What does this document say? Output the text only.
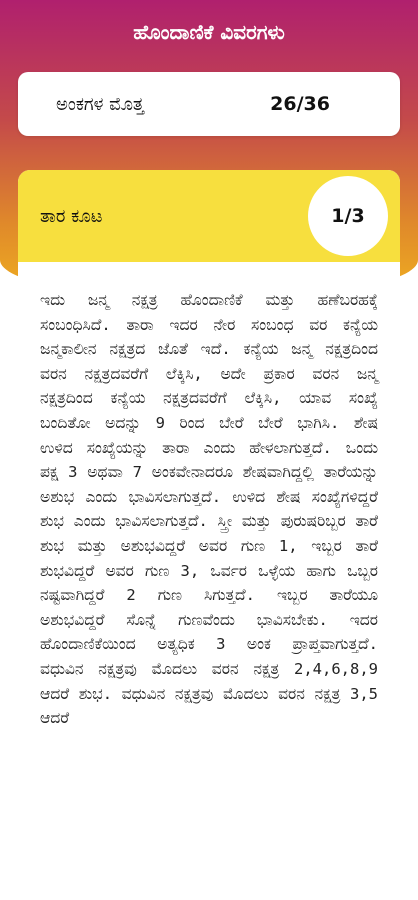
ಹೊಂದಾಣಿಕೆ ವಿವರಗಳು
ಅಂಕಗಳ ಮೊತ್ತ	26/36
ತಾರ ಕೂಟ	1/3
ಇದು ಜನ್ಮ ನಕ್ಷತ್ರ ಹೊಂದಾಣಿಕೆ ಮತ್ತು ಹಣೆಬರಹಕ್ಕೆ ಸಂಬಂಧಿಸಿದೆ. ತಾರಾ ಇದರ ನೇರ ಸಂಬಂಧ ವರ ಕನ್ಯೆಯ ಜನ್ಮಕಾಲೀನ ನಕ್ಷತ್ರದ ಜೊತೆ ಇದೆ. ಕನ್ಯೆಯ ಜನ್ಮ ನಕ್ಷತ್ರದಿಂದ ವರನ ನಕ್ಷತ್ರದವರೆಗೆ ಲೆಕ್ಕಿಸಿ, ಅದೇ ಪ್ರಕಾರ ವರನ ಜನ್ಮ ನಕ್ಷತ್ರದಿಂದ ಕನ್ಯೆಯ ನಕ್ಷತ್ರದವರೆಗೆ ಲೆಕ್ಕಿಸಿ, ಯಾವ ಸಂಖ್ಯೆ ಬಂದಿತೋ ಅದನ್ನು 9 ರಿಂದ ಬೇರೆ ಬೇರೆ ಭಾಗಿಸಿ. ಶೇಷ ಉಳಿದ ಸಂಖ್ಯೆಯನ್ನು ತಾರಾ ಎಂದು ಹೇಳಲಾಗುತ್ತದೆ. ಒಂದು ಪಕ್ಷ 3 ಅಥವಾ 7 ಅಂಕವೇನಾದರೂ ಶೇಷವಾಗಿದ್ದಲ್ಲಿ ತಾರೆಯನ್ನು ಅಶುಭ ಎಂದು ಭಾವಿಸಲಾಗುತ್ತದೆ. ಉಳಿದ ಶೇಷ ಸಂಖ್ಯೆಗಳಿದ್ದರೆ ಶುಭ ಎಂದು ಭಾವಿಸಲಾಗುತ್ತದೆ. ಸ್ತ್ರೀ ಮತ್ತು ಪುರುಷರಿಬ್ಬರ ತಾರೆ ಶುಭ ಮತ್ತು ಅಶುಭವಿದ್ದರೆ ಅವರ ಗುಣ 1, ಇಬ್ಬರ ತಾರೆ ಶುಭವಿದ್ದರೆ ಅವರ ಗುಣ 3, ಒರ್ವರ ಒಳ್ಳೆಯ ಹಾಗು ಒಬ್ಬರ ನಷ್ಟವಾಗಿದ್ದರೆ 2 ಗುಣ ಸಿಗುತ್ತದೆ. ಇಬ್ಬರ ತಾರೆಯೂ ಅಶುಭವಿದ್ದರೆ ಸೊನ್ನೆ ಗುಣವೆಂದು ಭಾವಿಸಬೇಕು. ಇದರ ಹೊಂದಾಣಿಕೆಯಿಂದ ಅತ್ಯಧಿಕ 3 ಅಂಕ ಪ್ರಾಪ್ತವಾಗುತ್ತದೆ. ವಧುವಿನ ನಕ್ಷತ್ರವು ಮೊದಲು ವರನ ನಕ್ಷತ್ರ 2,4,6,8,9 ಆದರೆ ಶುಭ. ವಧುವಿನ ನಕ್ಷತ್ರವು ಮೊದಲು ವರನ ನಕ್ಷತ್ರ 3,5 ಆದರೆ
